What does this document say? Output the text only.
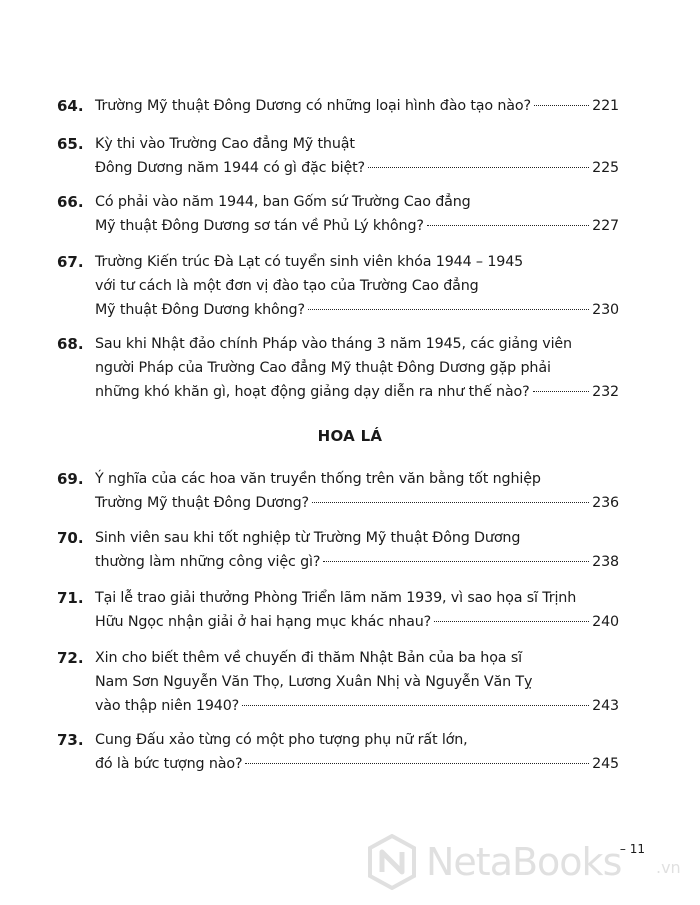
64. Trường Mỹ thuật Đông Dương có những loại hình đào tạo nào?	221
65. Kỳ thi vào Trường Cao đẳng Mỹ thuật
Đông Dương năm 1944 có gì đặc biệt?	225
66. Có phải vào năm 1944, ban Gốm sứ Trường Cao đẳng
Mỹ thuật Đông Dương sơ tán về Phủ Lý không?	227
67. Trường Kiến trúc Đà Lạt có tuyển sinh viên khóa 1944 – 1945
với tư cách là một đơn vị đào tạo của Trường Cao đẳng
Mỹ thuật Đông Dương không?	230
68. Sau khi Nhật đảo chính Pháp vào tháng 3 năm 1945, các giảng viên
người Pháp của Trường Cao đẳng Mỹ thuật Đông Dương gặp phải
những khó khăn gì, hoạt động giảng dạy diễn ra như thế nào?	232
HOA LÁ
69. Ý nghĩa của các hoa văn truyền thống trên văn bằng tốt nghiệp
Trường Mỹ thuật Đông Dương?	236
70. Sinh viên sau khi tốt nghiệp từ Trường Mỹ thuật Đông Dương
thường làm những công việc gì?	238
71. Tại lễ trao giải thưởng Phòng Triển lãm năm 1939, vì sao họa sĩ Trịnh
Hữu Ngọc nhận giải ở hai hạng mục khác nhau?	240
72. Xin cho biết thêm về chuyến đi thăm Nhật Bản của ba họa sĩ
Nam Sơn Nguyễn Văn Thọ, Lương Xuân Nhị và Nguyễn Văn Tỵ
vào thập niên 1940?	243
73. Cung Đấu xảo từng có một pho tượng phụ nữ rất lớn,
đó là bức tượng nào?	245
– 11
NetaBooks .vn
